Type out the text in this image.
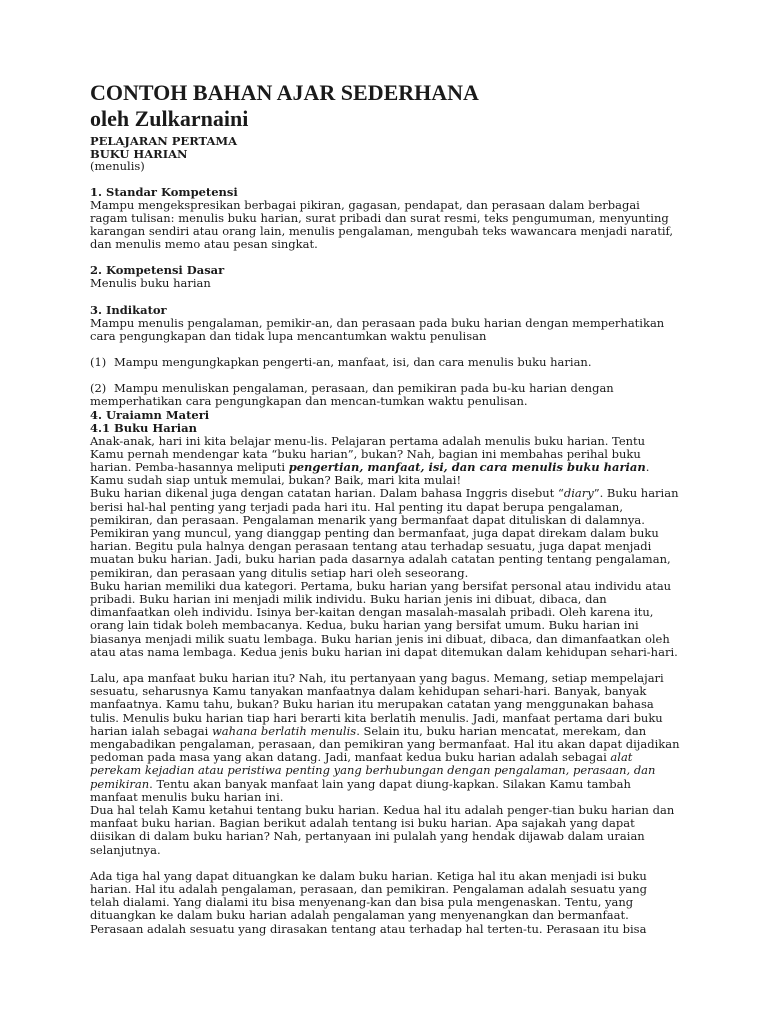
CONTOH BAHAN AJAR SEDERHANA

oleh Zulkarnaini

PELAJARAN PERTAMA

BUKU HARIAN

(menulis)

1. Standar Kompetensi

Mampu mengekspresikan berbagai pikiran, gagasan, pendapat, dan perasaan dalam berbagai ragam tulisan: menulis buku harian, surat pribadi dan surat resmi, teks pengumuman, menyunting karangan sendiri atau orang lain, menulis pengalaman, mengubah teks wawancara menjadi naratif, dan menulis memo atau pesan singkat.

2. Kompetensi Dasar

Menulis buku harian

3. Indikator

Mampu menulis pengalaman, pemikir-an, dan perasaan pada buku harian dengan memperhatikan cara pengungkapan dan tidak lupa mencantumkan waktu penulisan

(1) Mampu mengungkapkan pengerti-an, manfaat, isi, dan cara menulis buku harian.

(2) Mampu menuliskan pengalaman, perasaan, dan pemikiran pada bu-ku harian dengan memperhatikan cara pengungkapan dan mencan-tumkan waktu penulisan.

4. Uraiamn Materi
4.1 Buku Harian

Anak-anak, hari ini kita belajar menu-lis. Pelajaran pertama adalah menulis buku harian. Tentu Kamu pernah mendengar kata “buku harian”, bukan? Nah, bagian ini membahas perihal buku harian. Pemba-hasannya meliputi pengertian, manfaat, isi, dan cara menulis buku harian. Kamu sudah siap untuk memulai, bukan? Baik, mari kita mulai!

Buku harian dikenal juga dengan catatan harian. Dalam bahasa Inggris disebut “diary”. Buku harian berisi hal-hal penting yang terjadi pada hari itu. Hal penting itu dapat berupa pengalaman, pemikiran, dan perasaan. Pengalaman menarik yang bermanfaat dapat dituliskan di dalamnya. Pemikiran yang muncul, yang dianggap penting dan bermanfaat, juga dapat direkam dalam buku harian. Begitu pula halnya dengan perasaan tentang atau terhadap sesuatu, juga dapat menjadi muatan buku harian. Jadi, buku harian pada dasarnya adalah catatan penting tentang pengalaman, pemikiran, dan perasaan yang ditulis setiap hari oleh seseorang.

Buku harian memiliki dua kategori. Pertama, buku harian yang bersifat personal atau individu atau pribadi. Buku harian ini menjadi milik individu. Buku harian jenis ini dibuat, dibaca, dan dimanfaatkan oleh individu. Isinya ber-kaitan dengan masalah-masalah pribadi. Oleh karena itu, orang lain tidak boleh membacanya. Kedua, buku harian yang bersifat umum. Buku harian ini biasanya menjadi milik suatu lembaga. Buku harian jenis ini dibuat, dibaca, dan dimanfaatkan oleh atau atas nama lembaga. Kedua jenis buku harian ini dapat ditemukan dalam kehidupan sehari-hari.

Lalu, apa manfaat buku harian itu? Nah, itu pertanyaan yang bagus. Memang, setiap mempelajari sesuatu, seharusnya Kamu tanyakan manfaatnya dalam kehidupan sehari-hari. Banyak, banyak manfaatnya. Kamu tahu, bukan? Buku harian itu merupakan catatan yang menggunakan bahasa tulis. Menulis buku harian tiap hari berarti kita berlatih menulis. Jadi, manfaat pertama dari buku harian ialah sebagai wahana berlatih menulis. Selain itu, buku harian mencatat, merekam, dan mengabadikan pengalaman, perasaan, dan pemikiran yang bermanfaat. Hal itu akan dapat dijadikan pedoman pada masa yang akan datang. Jadi, manfaat kedua buku harian adalah sebagai alat perekam kejadian atau peristiwa penting yang berhubungan dengan pengalaman, perasaan, dan pemikiran. Tentu akan banyak manfaat lain yang dapat diung-kapkan. Silakan Kamu tambah manfaat menulis buku harian ini.

Dua hal telah Kamu ketahui tentang buku harian. Kedua hal itu adalah penger-tian buku harian dan manfaat buku harian. Bagian berikut adalah tentang isi buku harian. Apa sajakah yang dapat diisikan di dalam buku harian? Nah, pertanyaan ini pulalah yang hendak dijawab dalam uraian selanjutnya.

Ada tiga hal yang dapat dituangkan ke dalam buku harian. Ketiga hal itu akan menjadi isi buku harian. Hal itu adalah pengalaman, perasaan, dan pemikiran. Pengalaman adalah sesuatu yang telah dialami. Yang dialami itu bisa menyenang-kan dan bisa pula mengenaskan. Tentu, yang dituangkan ke dalam buku harian adalah pengalaman yang menyenangkan dan bermanfaat. Perasaan adalah sesuatu yang dirasakan tentang atau terhadap hal terten-tu. Perasaan itu bisa
